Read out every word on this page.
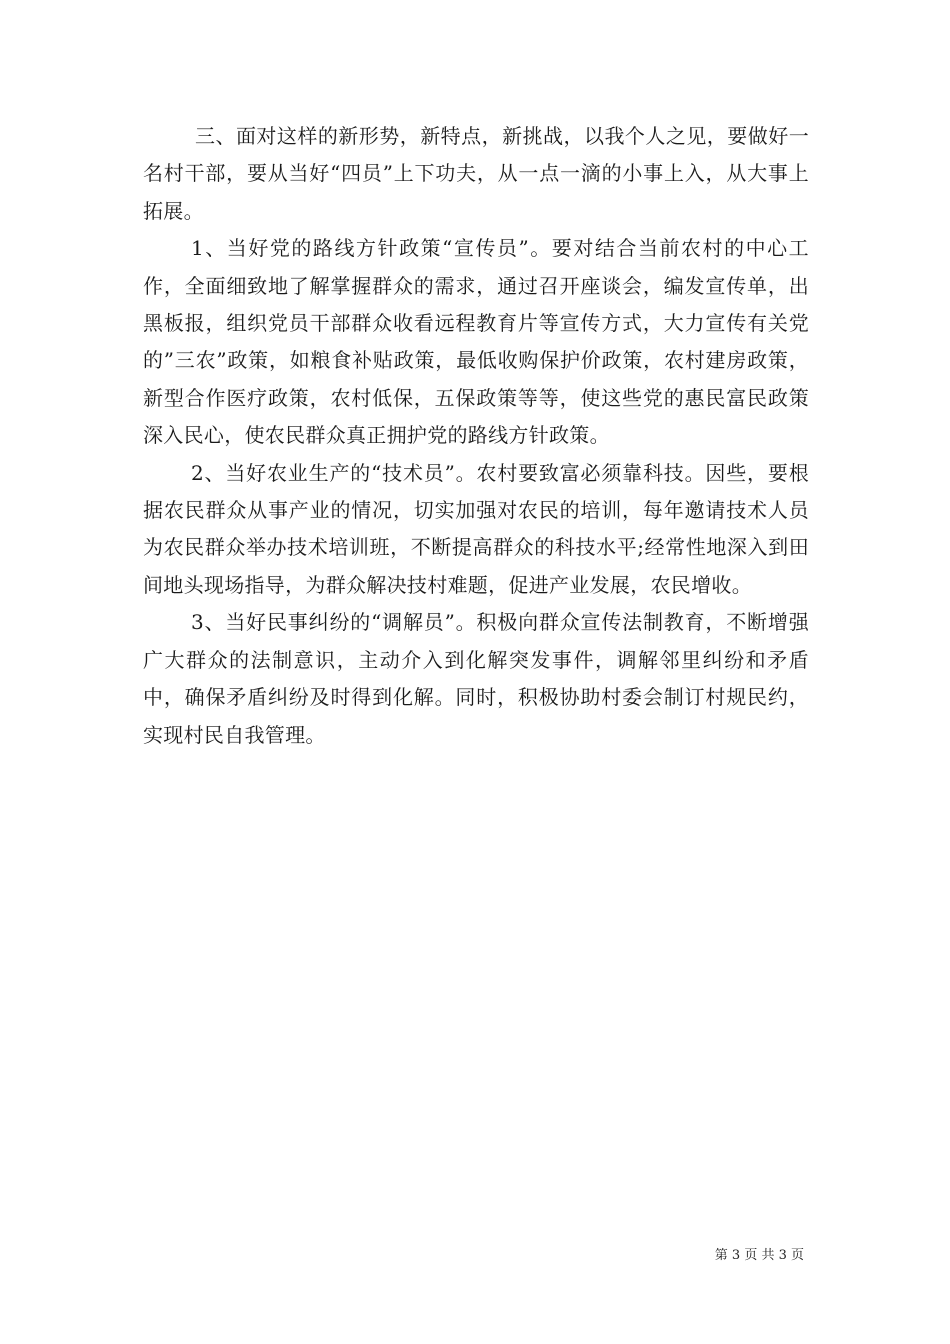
三、面对这样的新形势，新特点，新挑战，以我个人之见，要做好一名村干部，要从当好“四员”上下功夫，从一点一滴的小事上入，从大事上拓展。

1、当好党的路线方针政策“宣传员”。要对结合当前农村的中心工作，全面细致地了解掌握群众的需求，通过召开座谈会，编发宣传单，出黑板报，组织党员干部群众收看远程教育片等宣传方式，大力宣传有关党的”三农”政策，如粮食补贴政策，最低收购保护价政策，农村建房政策，新型合作医疗政策，农村低保，五保政策等等，使这些党的惠民富民政策深入民心，使农民群众真正拥护党的路线方针政策。

2、当好农业生产的“技术员”。农村要致富必须靠科技。因些，要根据农民群众从事产业的情况，切实加强对农民的培训，每年邀请技术人员为农民群众举办技术培训班，不断提高群众的科技水平;经常性地深入到田间地头现场指导，为群众解决技村难题，促进产业发展，农民增收。

3、当好民事纠纷的“调解员”。积极向群众宣传法制教育，不断增强广大群众的法制意识，主动介入到化解突发事件，调解邻里纠纷和矛盾中，确保矛盾纠纷及时得到化解。同时，积极协助村委会制订村规民约，实现村民自我管理。

第 3 页 共 3 页
